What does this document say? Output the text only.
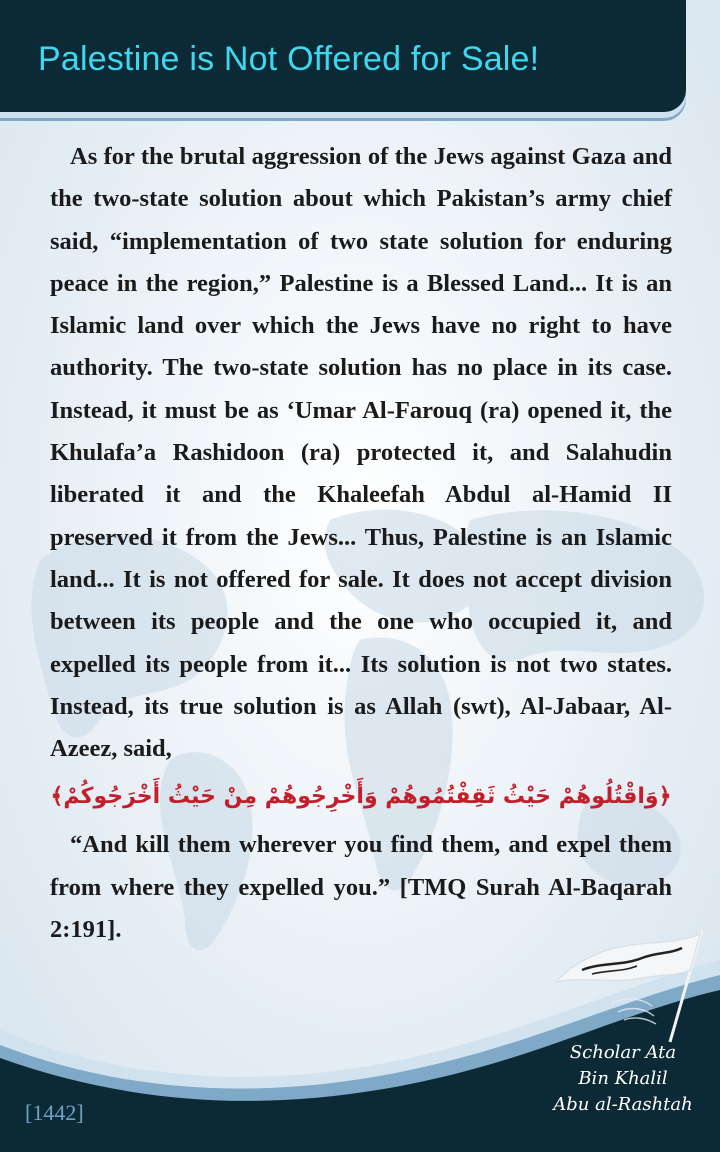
Palestine is Not Offered for Sale!

As for the brutal aggression of the Jews against Gaza and the two-state solution about which Pakistan’s army chief said, “implementation of two state solution for enduring peace in the region,” Palestine is a Blessed Land... It is an Islamic land over which the Jews have no right to have authority. The two-state solution has no place in its case. Instead, it must be as ‘Umar Al-Farouq (ra) opened it, the Khulafa’a Rashidoon (ra) protected it, and Salahudin liberated it and the Khaleefah Abdul al-Hamid II preserved it from the Jews... Thus, Palestine is an Islamic land... It is not offered for sale. It does not accept division between its people and the one who occupied it, and expelled its people from it... Its solution is not two states. Instead, its true solution is as Allah (swt), Al-Jabaar, Al-Azeez, said,

﴿وَاقْتُلُوهُمْ حَيْثُ ثَقِفْتُمُوهُمْ وَأَخْرِجُوهُمْ مِنْ حَيْثُ أَخْرَجُوكُمْ﴾

“And kill them wherever you find them, and expel them from where they expelled you.” [TMQ Surah Al-Baqarah 2:191].

[1442]
Scholar Ata
Bin Khalil
Abu al-Rashtah
